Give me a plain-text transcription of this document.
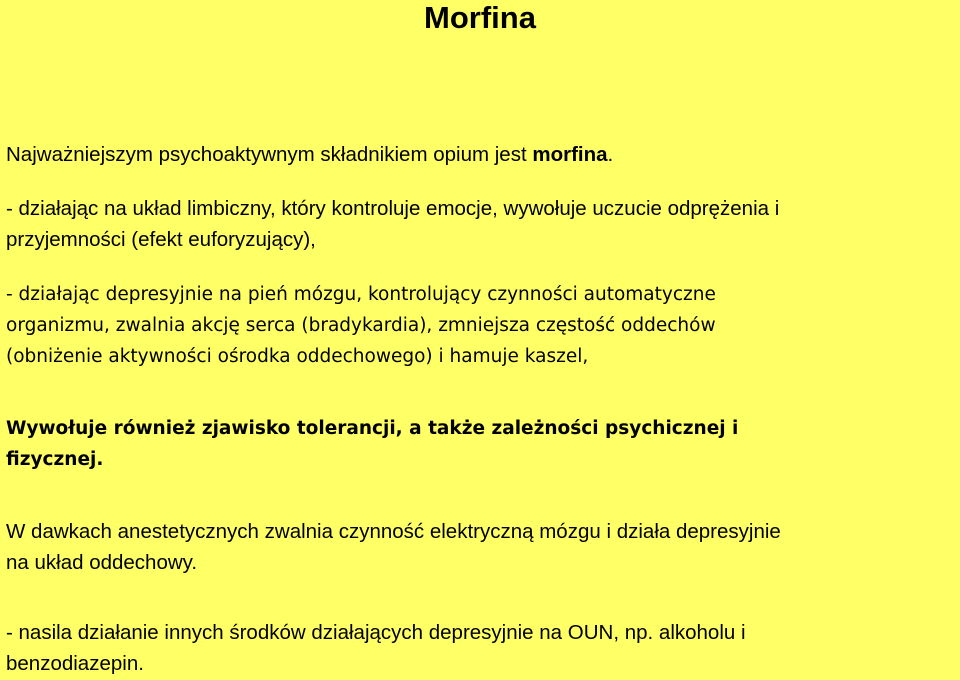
Morfina

Najważniejszym psychoaktywnym składnikiem opium jest morfina.

- działając na układ limbiczny, który kontroluje emocje, wywołuje uczucie odprężenia i
przyjemności (efekt euforyzujący),

- działając depresyjnie na pień mózgu, kontrolujący czynności automatyczne
organizmu, zwalnia akcję serca (bradykardia), zmniejsza częstość oddechów
(obniżenie aktywności ośrodka oddechowego) i hamuje kaszel,

Wywołuje również zjawisko tolerancji, a także zależności psychicznej i
fizycznej.

W dawkach anestetycznych zwalnia czynność elektryczną mózgu i działa depresyjnie
na układ oddechowy.

- nasila działanie innych środków działających depresyjnie na OUN, np. alkoholu i
benzodiazepin.
